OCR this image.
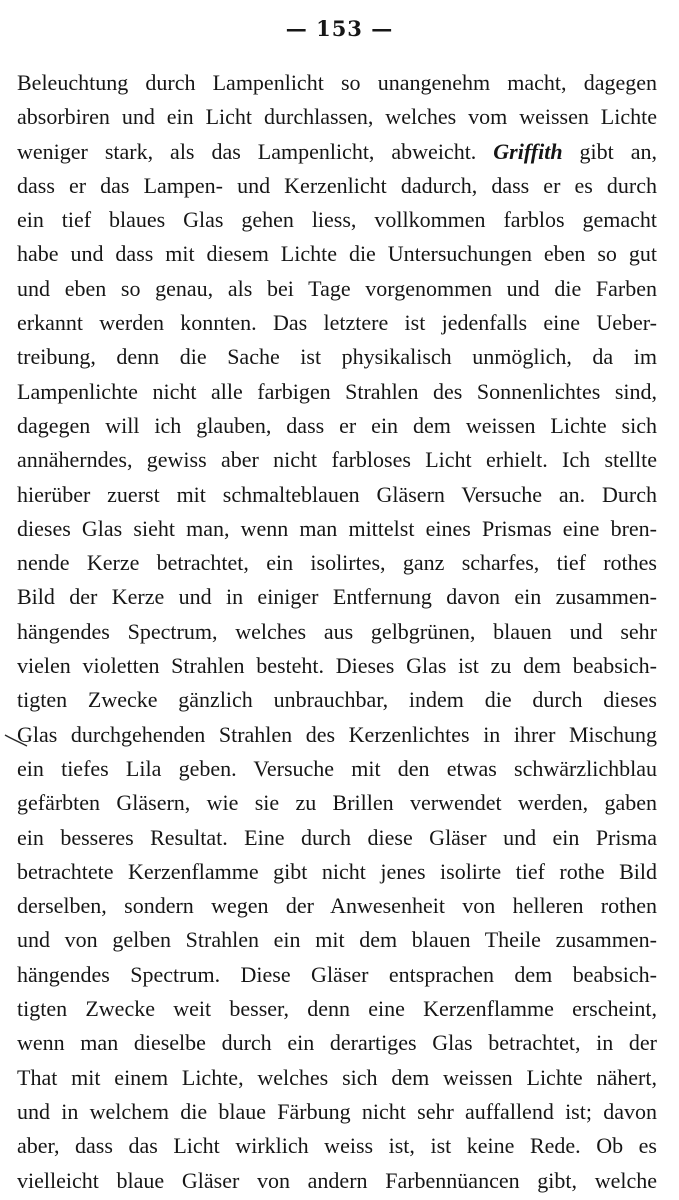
— 153 —
Beleuchtung durch Lampenlicht so unangenehm macht, dagegen
absorbiren und ein Licht durchlassen, welches vom weissen Lichte
weniger stark, als das Lampenlicht, abweicht. Griffith gibt an,
dass er das Lampen- und Kerzenlicht dadurch, dass er es durch
ein tief blaues Glas gehen liess, vollkommen farblos gemacht
habe und dass mit diesem Lichte die Untersuchungen eben so gut
und eben so genau, als bei Tage vorgenommen und die Farben
erkannt werden konnten. Das letztere ist jedenfalls eine Ueber-
treibung, denn die Sache ist physikalisch unmöglich, da im
Lampenlichte nicht alle farbigen Strahlen des Sonnenlichtes sind,
dagegen will ich glauben, dass er ein dem weissen Lichte sich
annäherndes, gewiss aber nicht farbloses Licht erhielt. Ich stellte
hierüber zuerst mit schmalteblauen Gläsern Versuche an. Durch
dieses Glas sieht man, wenn man mittelst eines Prismas eine bren-
nende Kerze betrachtet, ein isolirtes, ganz scharfes, tief rothes
Bild der Kerze und in einiger Entfernung davon ein zusammen-
hängendes Spectrum, welches aus gelbgrünen, blauen und sehr
vielen violetten Strahlen besteht. Dieses Glas ist zu dem beabsich-
tigten Zwecke gänzlich unbrauchbar, indem die durch dieses
Glas durchgehenden Strahlen des Kerzenlichtes in ihrer Mischung
ein tiefes Lila geben. Versuche mit den etwas schwärzlichblau
gefärbten Gläsern, wie sie zu Brillen verwendet werden, gaben
ein besseres Resultat. Eine durch diese Gläser und ein Prisma
betrachtete Kerzenflamme gibt nicht jenes isolirte tief rothe Bild
derselben, sondern wegen der Anwesenheit von helleren rothen
und von gelben Strahlen ein mit dem blauen Theile zusammen-
hängendes Spectrum. Diese Gläser entsprachen dem beabsich-
tigten Zwecke weit besser, denn eine Kerzenflamme erscheint,
wenn man dieselbe durch ein derartiges Glas betrachtet, in der
That mit einem Lichte, welches sich dem weissen Lichte nähert,
und in welchem die blaue Färbung nicht sehr auffallend ist; davon
aber, dass das Licht wirklich weiss ist, ist keine Rede. Ob es
vielleicht blaue Gläser von andern Farbennüancen gibt, welche
